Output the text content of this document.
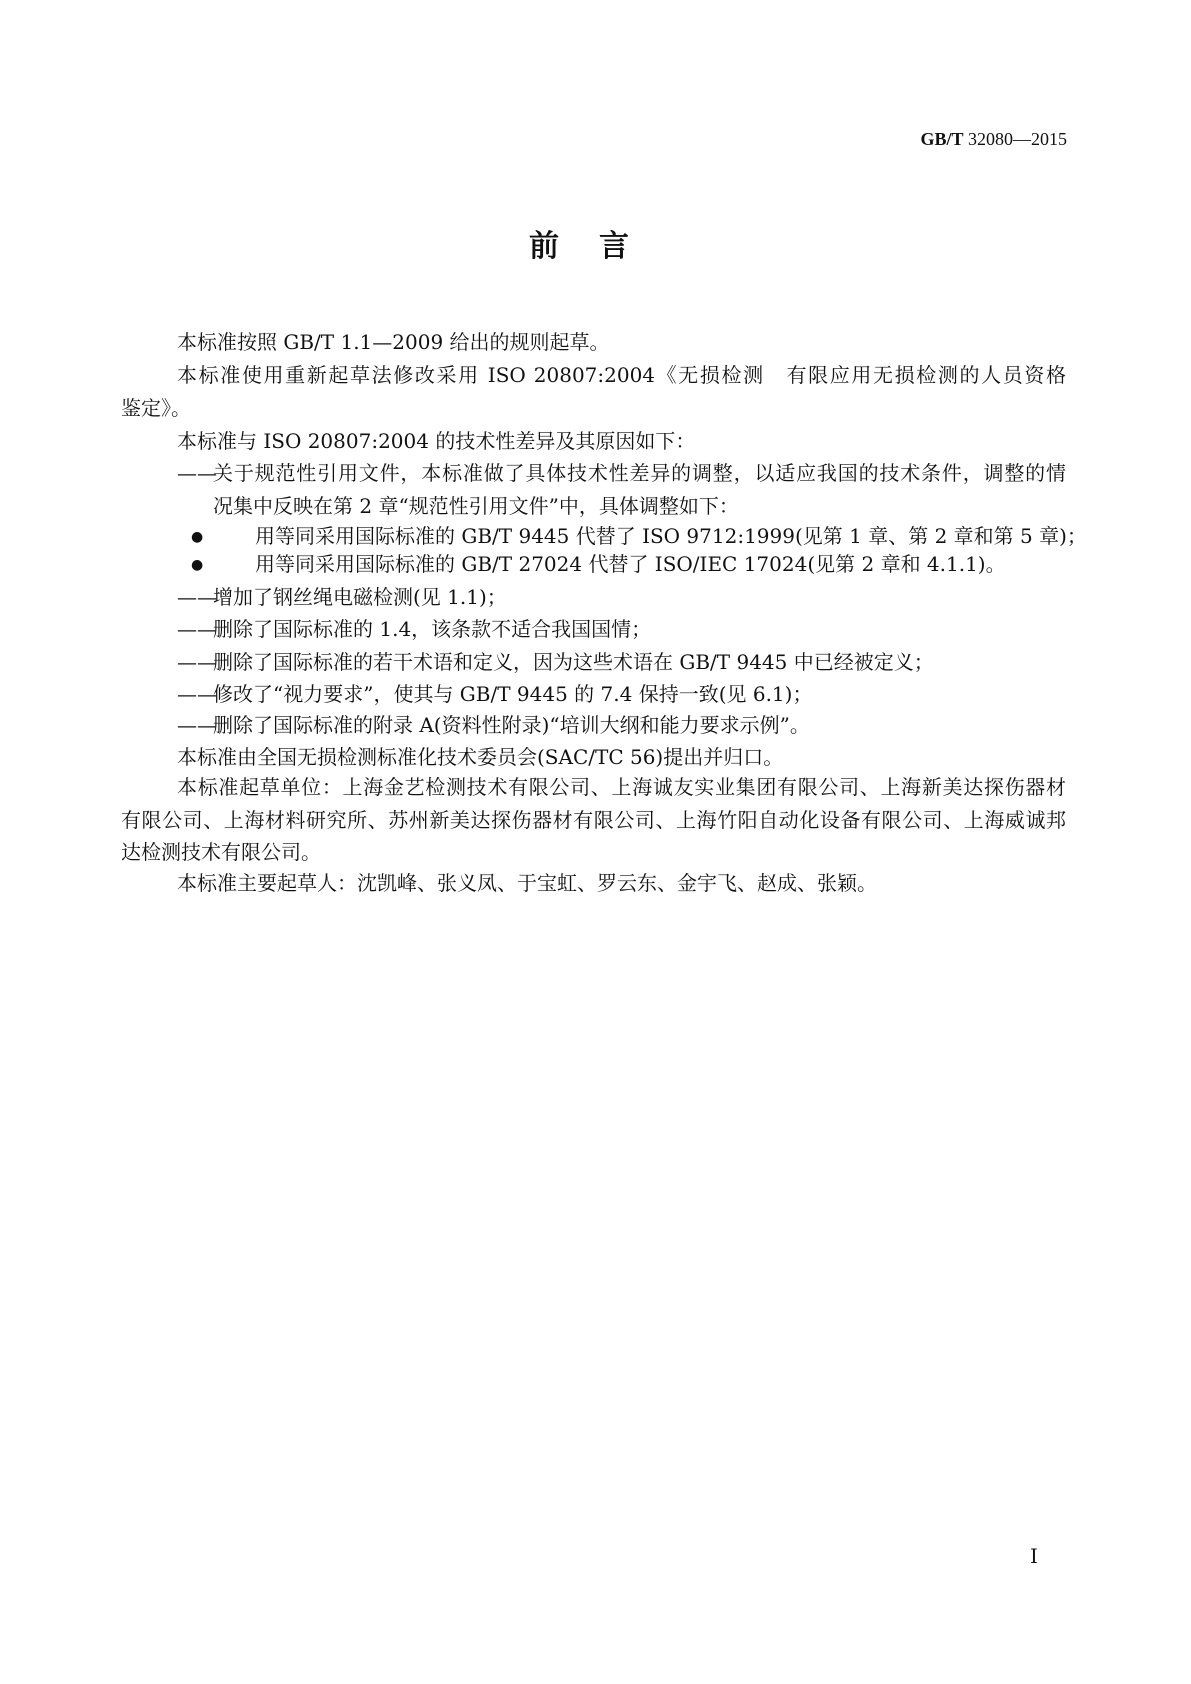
GB/T 32080—2015
前言
本标准按照 GB/T 1.1—2009 给出的规则起草。
本标准使用重新起草法修改采用 ISO 20807:2004《无损检测　有限应用无损检测的人员资格
鉴定》。
本标准与 ISO 20807:2004 的技术性差异及其原因如下：
——关于规范性引用文件，本标准做了具体技术性差异的调整，以适应我国的技术条件，调整的情
况集中反映在第 2 章“规范性引用文件”中，具体调整如下：
●	用等同采用国际标准的 GB/T 9445 代替了 ISO 9712:1999(见第 1 章、第 2 章和第 5 章)；
●	用等同采用国际标准的 GB/T 27024 代替了 ISO/IEC 17024(见第 2 章和 4.1.1)。
——增加了钢丝绳电磁检测(见 1.1)；
——删除了国际标准的 1.4，该条款不适合我国国情；
——删除了国际标准的若干术语和定义，因为这些术语在 GB/T 9445 中已经被定义；
——修改了“视力要求”，使其与 GB/T 9445 的 7.4 保持一致(见 6.1)；
——删除了国际标准的附录 A(资料性附录)“培训大纲和能力要求示例”。
本标准由全国无损检测标准化技术委员会(SAC/TC 56)提出并归口。
本标准起草单位：上海金艺检测技术有限公司、上海诚友实业集团有限公司、上海新美达探伤器材
有限公司、上海材料研究所、苏州新美达探伤器材有限公司、上海竹阳自动化设备有限公司、上海威诚邦
达检测技术有限公司。
本标准主要起草人：沈凯峰、张义凤、于宝虹、罗云东、金宇飞、赵成、张颖。
I
